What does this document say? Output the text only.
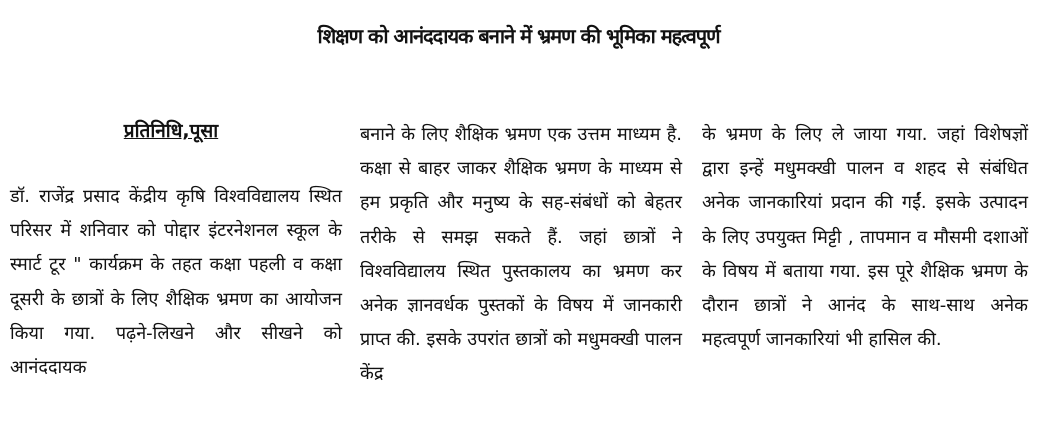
शिक्षण को आनंददायक बनाने में भ्रमण की भूमिका महत्वपूर्ण
प्रतिनिधि,पूसा

डॉ. राजेंद्र प्रसाद केंद्रीय कृषि विश्वविद्यालय स्थित परिसर में शनिवार को पोद्दार इंटरनेशनल स्कूल के स्मार्ट टूर " कार्यक्रम के तहत कक्षा पहली व कक्षा दूसरी के छात्रों के लिए शैक्षिक भ्रमण का आयोजन किया गया. पढ़ने-लिखने और सीखने को आनंददायक

बनाने के लिए शैक्षिक भ्रमण एक उत्तम माध्यम है. कक्षा से बाहर जाकर शैक्षिक भ्रमण के माध्यम से हम प्रकृति और मनुष्य के सह-संबंधों को बेहतर तरीके से समझ सकते हैं. जहां छात्रों ने विश्वविद्यालय स्थित पुस्तकालय का भ्रमण कर अनेक ज्ञानवर्धक पुस्तकों के विषय में जानकारी प्राप्त की. इसके उपरांत छात्रों को मधुमक्खी पालन केंद्र

के भ्रमण के लिए ले जाया गया. जहां विशेषज्ञों द्वारा इन्हें मधुमक्खी पालन व शहद से संबंधित अनेक जानकारियां प्रदान की गईं. इसके उत्पादन के लिए उपयुक्त मिट्टी , तापमान व मौसमी दशाओं के विषय में बताया गया. इस पूरे शैक्षिक भ्रमण के दौरान छात्रों ने आनंद के साथ-साथ अनेक महत्वपूर्ण जानकारियां भी हासिल की.
